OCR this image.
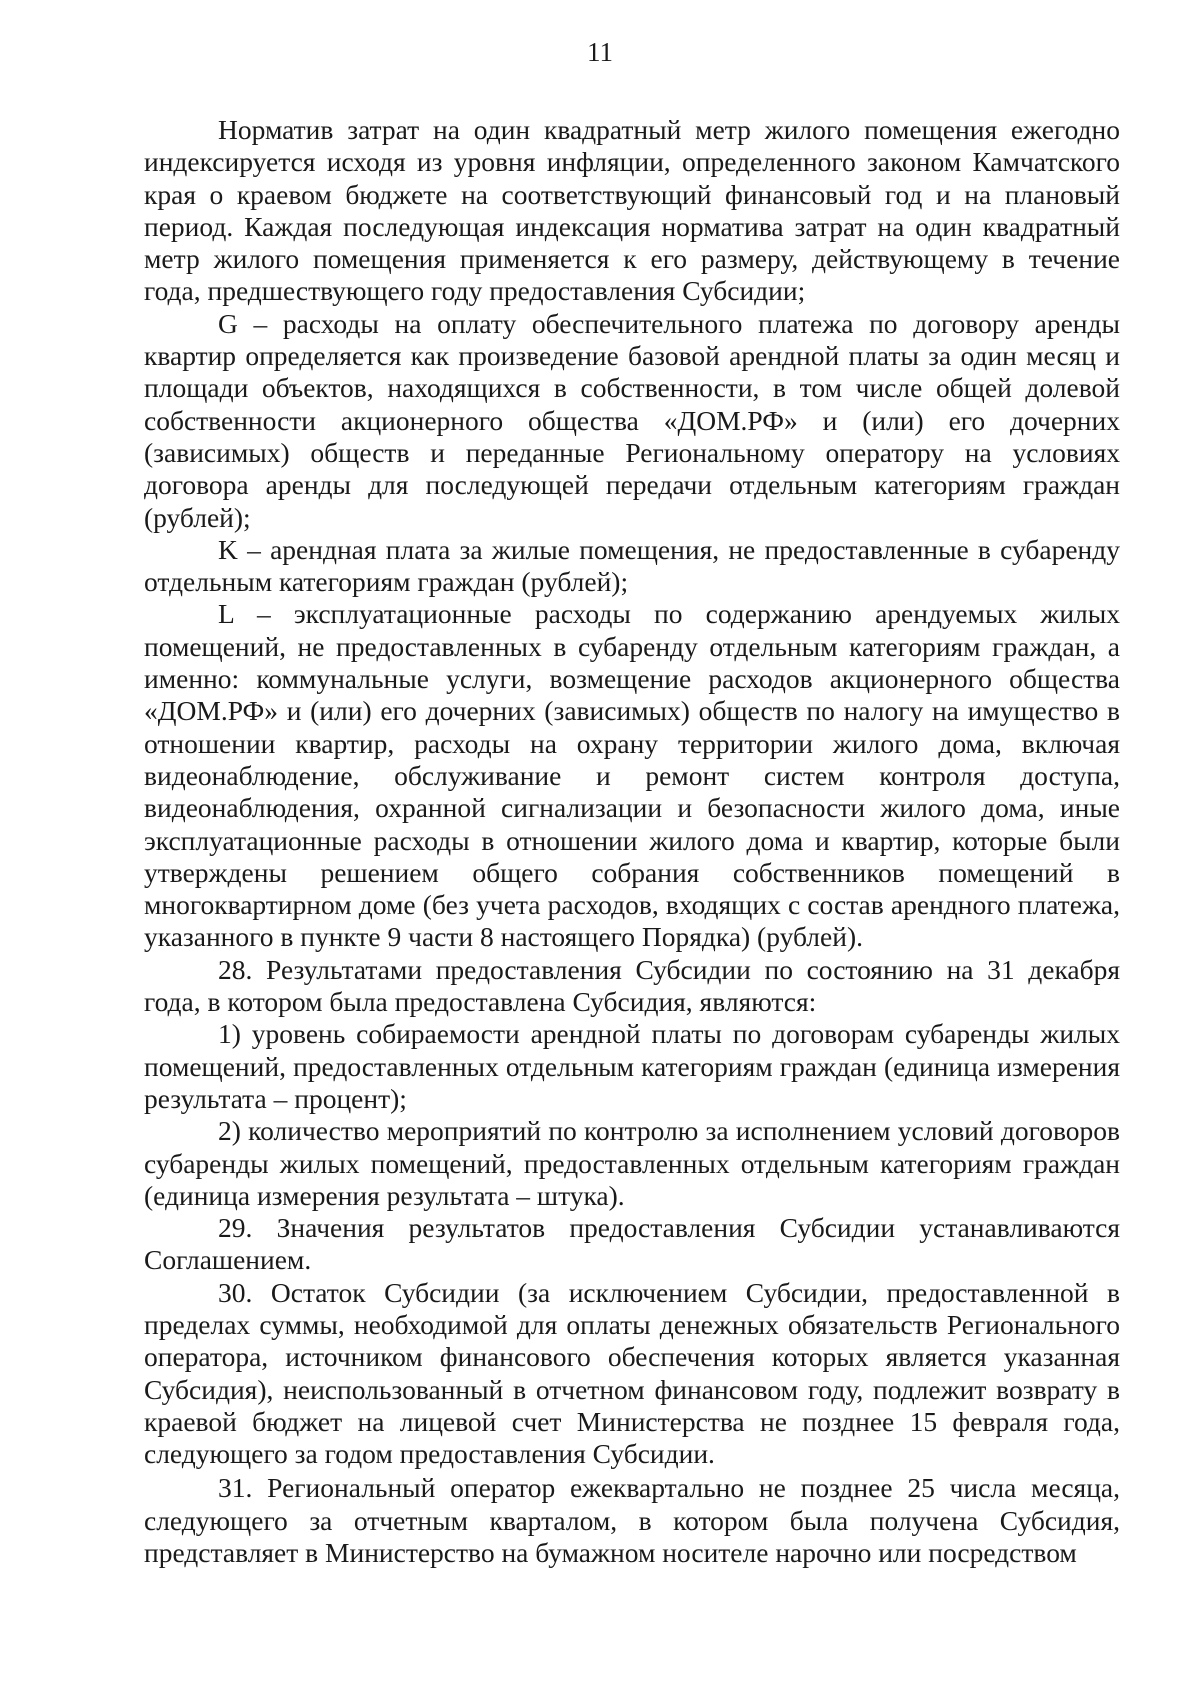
11

Норматив затрат на один квадратный метр жилого помещения ежегодно индексируется исходя из уровня инфляции, определенного законом Камчатского края о краевом бюджете на соответствующий финансовый год и на плановый период. Каждая последующая индексация норматива затрат на один квадратный метр жилого помещения применяется к его размеру, действующему в течение года, предшествующего году предоставления Субсидии;

G – расходы на оплату обеспечительного платежа по договору аренды квартир определяется как произведение базовой арендной платы за один месяц и площади объектов, находящихся в собственности, в том числе общей долевой собственности акционерного общества «ДОМ.РФ» и (или) его дочерних (зависимых) обществ и переданные Региональному оператору на условиях договора аренды для последующей передачи отдельным категориям граждан (рублей);

K – арендная плата за жилые помещения, не предоставленные в субаренду отдельным категориям граждан (рублей);

L – эксплуатационные расходы по содержанию арендуемых жилых помещений, не предоставленных в субаренду отдельным категориям граждан, а именно: коммунальные услуги, возмещение расходов акционерного общества «ДОМ.РФ» и (или) его дочерних (зависимых) обществ по налогу на имущество в отношении квартир, расходы на охрану территории жилого дома, включая видеонаблюдение, обслуживание и ремонт систем контроля доступа, видеонаблюдения, охранной сигнализации и безопасности жилого дома, иные эксплуатационные расходы в отношении жилого дома и квартир, которые были утверждены решением общего собрания собственников помещений в многоквартирном доме (без учета расходов, входящих с состав арендного платежа, указанного в пункте 9 части 8 настоящего Порядка) (рублей).

28. Результатами предоставления Субсидии по состоянию на 31 декабря года, в котором была предоставлена Субсидия, являются:

1) уровень собираемости арендной платы по договорам субаренды жилых помещений, предоставленных отдельным категориям граждан (единица измерения результата – процент);

2) количество мероприятий по контролю за исполнением условий договоров субаренды жилых помещений, предоставленных отдельным категориям граждан (единица измерения результата – штука).

29. Значения результатов предоставления Субсидии устанавливаются Соглашением.

30. Остаток Субсидии (за исключением Субсидии, предоставленной в пределах суммы, необходимой для оплаты денежных обязательств Регионального оператора, источником финансового обеспечения которых является указанная Субсидия), неиспользованный в отчетном финансовом году, подлежит возврату в краевой бюджет на лицевой счет Министерства не позднее 15 февраля года, следующего за годом предоставления Субсидии.

31. Региональный оператор ежеквартально не позднее 25 числа месяца, следующего за отчетным кварталом, в котором была получена Субсидия, представляет в Министерство на бумажном носителе нарочно или посредством
